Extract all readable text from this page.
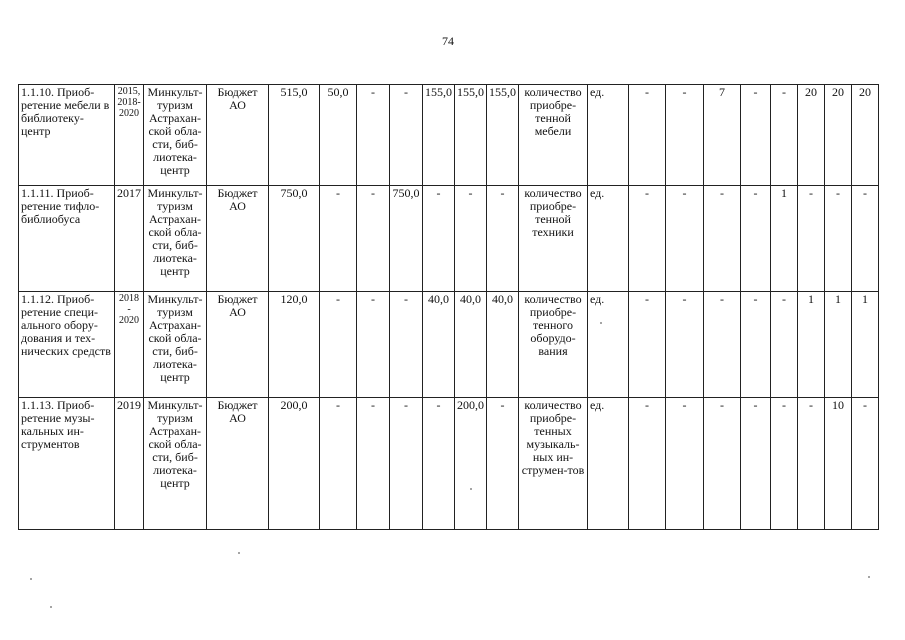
74
1.1.10. Приоб-ретение мебели в библиотеку-центр	2015, 2018-2020	Минкульт-туризм Астрахан-ской обла-сти, биб-лиотека-центр	Бюджет АО	515,0	50,0	-	-	155,0	155,0	155,0	количество приобре-тенной мебели	ед.	-	-	7	-	-	20	20	20
1.1.11. Приоб-ретение тифло-библиобуса	2017	Минкульт-туризм Астрахан-ской обла-сти, биб-лиотека-центр	Бюджет АО	750,0	-	-	750,0	-	-	-	количество приобре-тенной техники	ед.	-	-	-	-	1	-	-	-
1.1.12. Приоб-ретение специ-ального обору-дования и тех-нических средств	2018 - 2020	Минкульт-туризм Астрахан-ской обла-сти, биб-лиотека-центр	Бюджет АО	120,0	-	-	-	40,0	40,0	40,0	количество приобре-тенного оборудо-вания	ед.	-	-	-	-	-	1	1	1
1.1.13. Приоб-ретение музы-кальных ин-струментов	2019	Минкульт-туризм Астрахан-ской обла-сти, биб-лиотека-центр	Бюджет АО	200,0	-	-	-	-	200,0	-	количество приобре-тенных музыкаль-ных ин-струмен-тов	ед.	-	-	-	-	-	-	10	-
